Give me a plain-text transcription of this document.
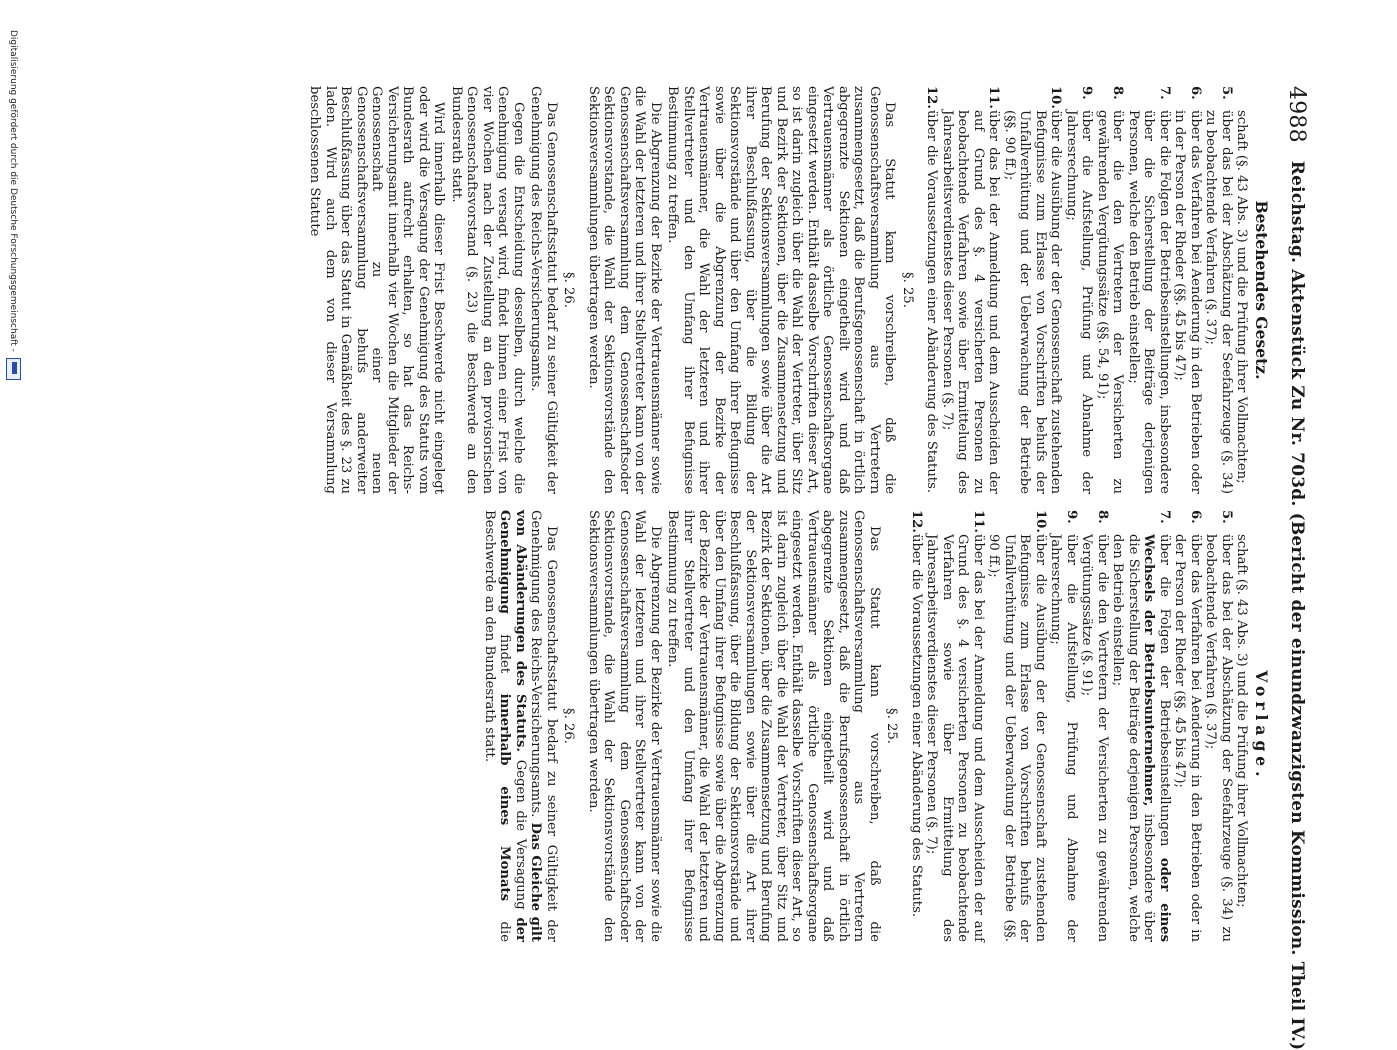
4988
Reichstag. Aktenstück Zu Nr. 703d. (Bericht der einundzwanzigsten Kommission. Theil IV.)
Bestehendes Gesetz.
schaft (§. 43 Abs. 3) und die Prüfung ihrer Vollmachten;
5.
über das bei der Abschätzung der Seefahrzeuge (§. 34) zu beobachtende Verfahren (§. 37);
6.
über das Verfahren bei Aenderung in den Betrieben oder in der Person der Rheder (§§. 45 bis 47);
7.
über die Folgen der Betriebseinstellungen, insbesondere über die Sicherstellung der Beiträge derjenigen Personen, welche den Betrieb einstellen;
8.
über die den Vertretern der Versicherten zu gewährenden Vergütungssätze (§§. 54, 91);
9.
über die Aufstellung, Prüfung und Abnahme der Jahresrechnung;
10.
über die Ausübung der der Genossenschaft zustehenden Befugnisse zum Erlasse von Vorschriften behufs der Unfallverhütung und der Ueberwachung der Betriebe (§§. 90 ff.);
11.
über das bei der Anmeldung und dem Ausscheiden der auf Grund des §. 4 versicherten Personen zu beobachtende Verfahren sowie über Ermittelung des Jahresarbeitsverdienstes dieser Personen (§. 7);
12.
über die Voraussetzungen einer Abänderung des Statuts.
§. 25.

Das Statut kann vorschreiben, daß die Genossenschaftsversammlung aus Vertretern zusammengesetzt, daß die Berufsgenossenschaft in örtlich abgegrenzte Sektionen eingetheilt wird und daß Vertrauensmänner als örtliche Genossenschaftsorgane eingesetzt werden. Enthält dasselbe Vorschriften dieser Art, so ist darin zugleich über die Wahl der Vertreter, über Sitz und Bezirk der Sektionen, über die Zusammensetzung und Berufung der Sektionsversammlungen sowie über die Art ihrer Beschlußfassung, über die Bildung der Sektionsvorstände und über den Umfang ihrer Befugnisse sowie über die Abgrenzung der Bezirke der Vertrauensmänner, die Wahl der letzteren und ihrer Stellvertreter und den Umfang ihrer Befugnisse Bestimmung zu treffen.

Die Abgrenzung der Bezirke der Vertrauensmänner sowie die Wahl der letzteren und ihrer Stellvertreter kann von der Genossenschaftsversammlung dem Genossenschaftsoder Sektionsvorstande, die Wahl der Sektionsvorstände den Sektionsversammlungen übertragen werden.

§. 26.

Das Genossenschaftsstatut bedarf zu seiner Gültigkeit der Genehmigung des Reichs-Versicherungsamts.

Gegen die Entscheidung desselben, durch welche die Genehmigung versagt wird, findet binnen einer Frist von vier Wochen nach der Zustellung an den provisorischen Genossenschaftsvorstand (§. 23) die Beschwerde an den Bundesrath statt.

Wird innerhalb dieser Frist Beschwerde nicht eingelegt oder wird die Versagung der Genehmigung des Statuts vom Bundesrath aufrecht erhalten, so hat das Reichs-Versicherungsamt innerhalb vier Wochen die Mitglieder der Genossenschaft zu einer neuen Genossenschaftsversammlung behufs anderweiter Beschlußfassung über das Statut in Gemäßheit des §. 23 zu laden. Wird auch dem von dieser Versammlung beschlossenen Statute

Vorlage.
schaft (§. 43 Abs. 3) und die Prüfung ihrer Vollmachten;
5.
über das bei der Abschätzung der Seefahrzeuge (§. 34) zu beobachtende Verfahren (§. 37);
6.
über das Verfahren bei Aenderung in den Betrieben oder in der Person der Rheder (§§. 45 bis 47);
7.
über die Folgen der Betriebseinstellungen oder eines Wechsels der Betriebsunternehmer, insbesondere über die Sicherstellung der Beiträge derjenigen Personen, welche den Betrieb einstellen;
8.
über die den Vertretern der Versicherten zu gewährenden Vergütungssätze (§. 91);
9.
über die Aufstellung, Prüfung und Abnahme der Jahresrechnung;
10.
über die Ausübung der der Genossenschaft zustehenden Befugnisse zum Erlasse von Vorschriften behufs der Unfallverhütung und der Ueberwachung der Betriebe (§§. 90 ff.);
11.
über das bei der Anmeldung und dem Ausscheiden der auf Grund des §. 4 versicherten Personen zu beobachtende Verfahren sowie über Ermittelung des Jahresarbeitsverdienstes dieser Personen (§. 7);
12.
über die Voraussetzungen einer Abänderung des Statuts.
§. 25.

Das Statut kann vorschreiben, daß die Genossenschaftsversammlung aus Vertretern zusammengesetzt, daß die Berufsgenossenschaft in örtlich abgegrenzte Sektionen eingetheilt wird und daß Vertrauensmänner als örtliche Genossenschaftsorgane eingesetzt werden. Enthält dasselbe Vorschriften dieser Art, so ist darin zugleich über die Wahl der Vertreter, über Sitz und Bezirk der Sektionen, über die Zusammensetzung und Berufung der Sektionsversammlungen sowie über die Art ihrer Beschlußfassung, über die Bildung der Sektionsvorstände und über den Umfang ihrer Befugnisse sowie über die Abgrenzung der Bezirke der Vertrauensmänner, die Wahl der letzteren und ihrer Stellvertreter und den Umfang ihrer Befugnisse Bestimmung zu treffen.

Die Abgrenzung der Bezirke der Vertrauensmänner sowie die Wahl der letzteren und ihrer Stellvertreter kann von der Genossenschaftsversammlung dem Genossenschaftsoder Sektionsvorstande, die Wahl der Sektionsvorstände den Sektionsversammlungen übertragen werden.

§. 26.

Das Genossenschaftsstatut bedarf zu seiner Gültigkeit der Genehmigung des Reichs-Versicherungsamts. Das Gleiche gilt von Abänderungen des Statuts. Gegen die Versagung der Genehmigung findet innerhalb eines Monats die Beschwerde an den Bundesrath statt.

Digitalisierung gefördert durch die Deutsche Forschungsgemeinschaft -
